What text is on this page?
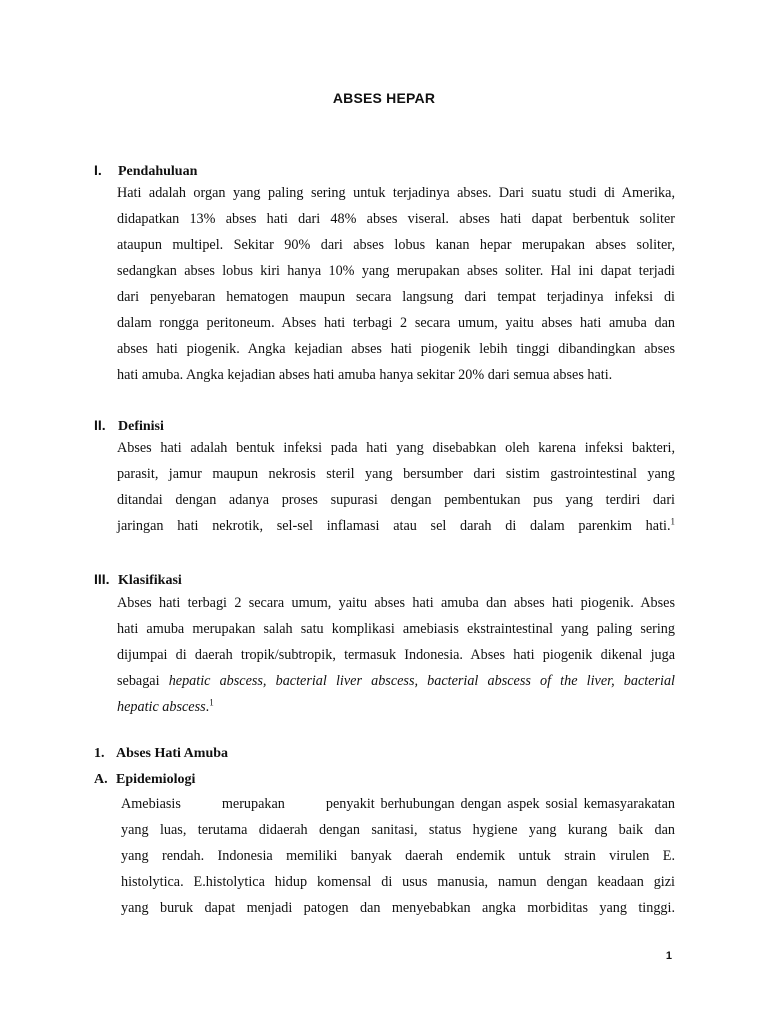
ABSES HEPAR
I.	Pendahuluan
Hati adalah organ yang paling sering untuk terjadinya abses. Dari suatu studi di Amerika,
didapatkan 13% abses hati dari 48% abses viseral. abses hati dapat berbentuk soliter
ataupun multipel. Sekitar 90% dari abses lobus kanan hepar merupakan abses soliter,
sedangkan abses lobus kiri hanya 10% yang merupakan abses soliter. Hal ini dapat terjadi
dari penyebaran hematogen maupun secara langsung dari tempat terjadinya infeksi di
dalam rongga peritoneum. Abses hati terbagi 2 secara umum, yaitu abses hati amuba dan
abses hati piogenik. Angka kejadian abses hati piogenik lebih tinggi dibandingkan abses
hati amuba. Angka kejadian abses hati amuba hanya sekitar 20% dari semua abses hati.
II. Definisi
Abses hati adalah bentuk infeksi pada hati yang disebabkan oleh karena infeksi bakteri,
parasit, jamur maupun nekrosis steril yang bersumber dari sistim gastrointestinal yang
ditandai dengan adanya proses supurasi dengan pembentukan pus yang terdiri dari
jaringan hati nekrotik, sel-sel inflamasi atau sel darah di dalam parenkim hati.$^1$
III. Klasifikasi
Abses hati terbagi 2 secara umum, yaitu abses hati amuba dan abses hati piogenik. Abses
hati amuba merupakan salah satu komplikasi amebiasis ekstraintestinal yang paling sering
dijumpai di daerah tropik/subtropik, termasuk Indonesia. Abses hati piogenik dikenal juga
sebagai hepatic abscess, bacterial liver abscess, bacterial abscess of the liver, bacterial
hepatic abscess.$^1$
1. Abses Hati Amuba
A. Epidemiologi
Amebiasis       merupakan       penyakit berhubungan dengan aspek sosial kemasyarakatan
yang luas, terutama didaerah dengan sanitasi, status hygiene yang kurang baik dan
yang rendah. Indonesia memiliki banyak daerah endemik untuk strain virulen E.
histolytica. E.histolytica hidup komensal di usus manusia, namun dengan keadaan gizi
yang buruk dapat menjadi patogen dan menyebabkan angka morbiditas yang tinggi.
1
